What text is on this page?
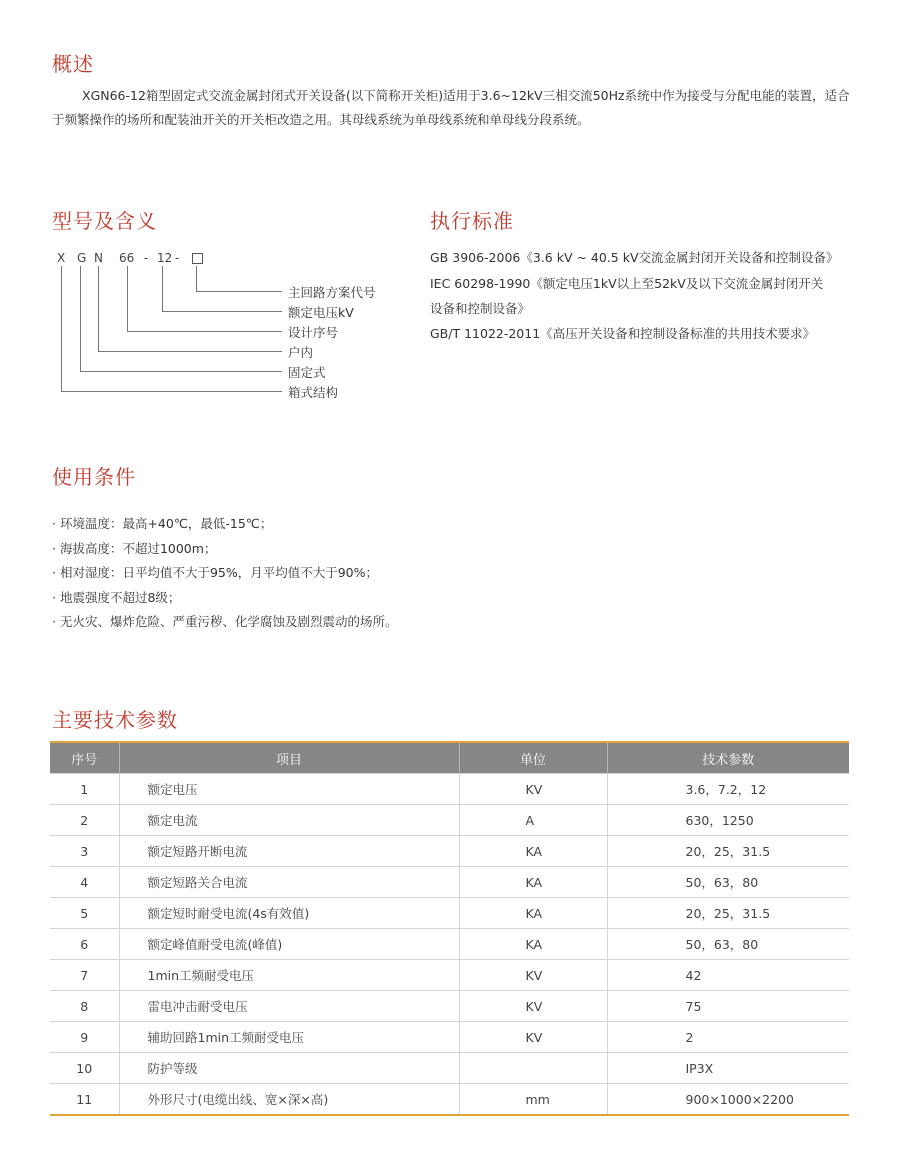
概述

XGN66-12箱型固定式交流金属封闭式开关设备(以下简称开关柜)适用于3.6~12kV三相交流50Hz系统中作为接受与分配电能的装置，适合于频繁操作的场所和配装油开关的开关柜改造之用。其母线系统为单母线系统和单母线分段系统。

型号及含义
X G N 66 - 12 -
主回路方案代号
额定电压kV
设计序号
户内
固定式
箱式结构
执行标准
GB 3906-2006《3.6 kV ~ 40.5 kV交流金属封闭开关设备和控制设备》
IEC 60298-1990《额定电压1kV以上至52kV及以下交流金属封闭开关
设备和控制设备》
GB/T 11022-2011《高压开关设备和控制设备标准的共用技术要求》
使用条件
· 环境温度：最高+40℃，最低-15℃；
· 海拔高度：不超过1000m；
· 相对湿度：日平均值不大于95%，月平均值不大于90%；
· 地震强度不超过8级；
· 无火灾、爆炸危险、严重污秽、化学腐蚀及剧烈震动的场所。
主要技术参数
序号	项目	单位	技术参数
1	额定电压	KV	3.6，7.2，12
2	额定电流	A	630，1250
3	额定短路开断电流	KA	20，25，31.5
4	额定短路关合电流	KA	50，63，80
5	额定短时耐受电流(4s有效值)	KA	20，25，31.5
6	额定峰值耐受电流(峰值)	KA	50，63，80
7	1min工频耐受电压	KV	42
8	雷电冲击耐受电压	KV	75
9	辅助回路1min工频耐受电压	KV	2
10	防护等级		IP3X
11	外形尺寸(电缆出线、宽×深×高)	mm	900×1000×2200
